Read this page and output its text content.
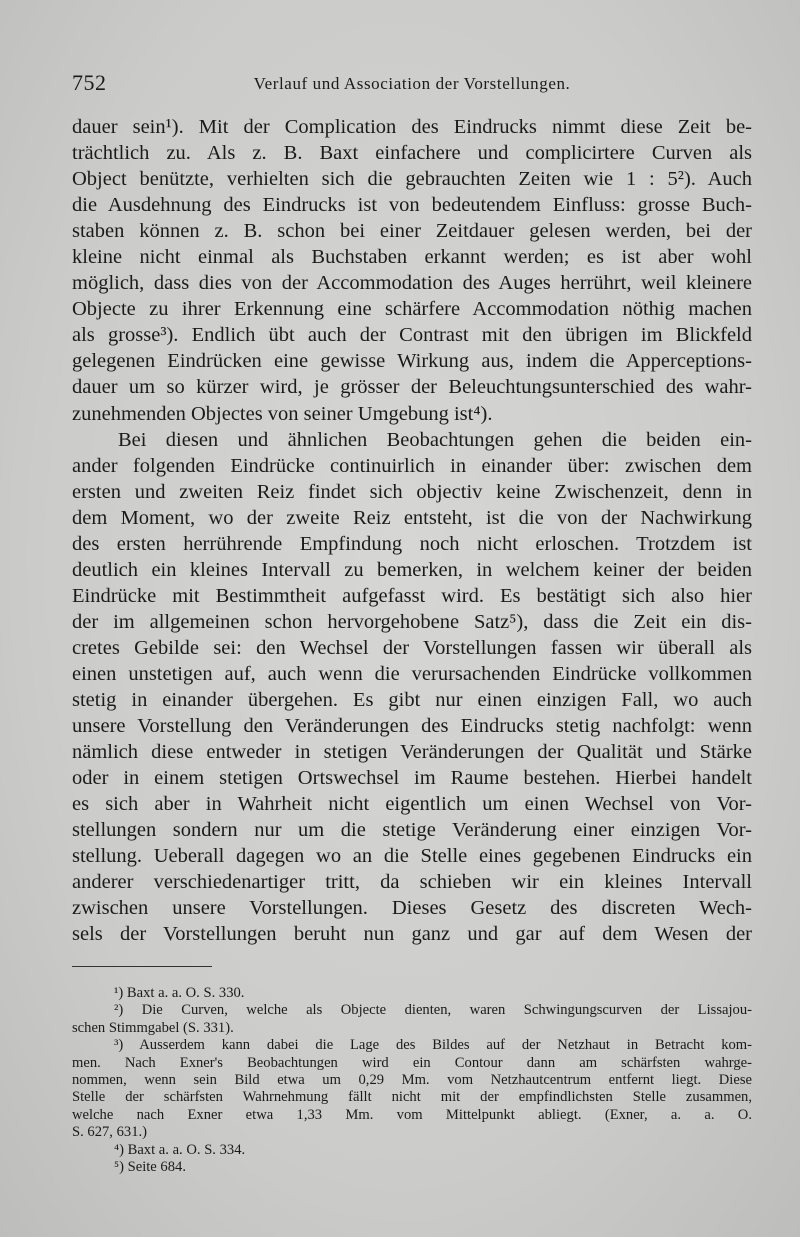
752	Verlauf und Association der Vorstellungen.
dauer sein¹). Mit der Complication des Eindrucks nimmt diese Zeit be-
trächtlich zu. Als z. B. Baxt einfachere und complicirtere Curven als
Object benützte, verhielten sich die gebrauchten Zeiten wie 1 : 5²). Auch
die Ausdehnung des Eindrucks ist von bedeutendem Einfluss: grosse Buch-
staben können z. B. schon bei einer Zeitdauer gelesen werden, bei der
kleine nicht einmal als Buchstaben erkannt werden; es ist aber wohl
möglich, dass dies von der Accommodation des Auges herrührt, weil kleinere
Objecte zu ihrer Erkennung eine schärfere Accommodation nöthig machen
als grosse³). Endlich übt auch der Contrast mit den übrigen im Blickfeld
gelegenen Eindrücken eine gewisse Wirkung aus, indem die Apperceptions-
dauer um so kürzer wird, je grösser der Beleuchtungsunterschied des wahr-
zunehmenden Objectes von seiner Umgebung ist⁴).
Bei diesen und ähnlichen Beobachtungen gehen die beiden ein-
ander folgenden Eindrücke continuirlich in einander über: zwischen dem
ersten und zweiten Reiz findet sich objectiv keine Zwischenzeit, denn in
dem Moment, wo der zweite Reiz entsteht, ist die von der Nachwirkung
des ersten herrührende Empfindung noch nicht erloschen. Trotzdem ist
deutlich ein kleines Intervall zu bemerken, in welchem keiner der beiden
Eindrücke mit Bestimmtheit aufgefasst wird. Es bestätigt sich also hier
der im allgemeinen schon hervorgehobene Satz⁵), dass die Zeit ein dis-
cretes Gebilde sei: den Wechsel der Vorstellungen fassen wir überall als
einen unstetigen auf, auch wenn die verursachenden Eindrücke vollkommen
stetig in einander übergehen. Es gibt nur einen einzigen Fall, wo auch
unsere Vorstellung den Veränderungen des Eindrucks stetig nachfolgt: wenn
nämlich diese entweder in stetigen Veränderungen der Qualität und Stärke
oder in einem stetigen Ortswechsel im Raume bestehen. Hierbei handelt
es sich aber in Wahrheit nicht eigentlich um einen Wechsel von Vor-
stellungen sondern nur um die stetige Veränderung einer einzigen Vor-
stellung. Ueberall dagegen wo an die Stelle eines gegebenen Eindrucks ein
anderer verschiedenartiger tritt, da schieben wir ein kleines Intervall
zwischen unsere Vorstellungen. Dieses Gesetz des discreten Wech-
sels der Vorstellungen beruht nun ganz und gar auf dem Wesen der
¹) Baxt a. a. O. S. 330.
²) Die Curven, welche als Objecte dienten, waren Schwingungscurven der Lissajou-
schen Stimmgabel (S. 331).
³) Ausserdem kann dabei die Lage des Bildes auf der Netzhaut in Betracht kom-
men. Nach Exner's Beobachtungen wird ein Contour dann am schärfsten wahrge-
nommen, wenn sein Bild etwa um 0,29 Mm. vom Netzhautcentrum entfernt liegt. Diese
Stelle der schärfsten Wahrnehmung fällt nicht mit der empfindlichsten Stelle zusammen,
welche nach Exner etwa 1,33 Mm. vom Mittelpunkt abliegt. (Exner, a. a. O.
S. 627, 631.)
⁴) Baxt a. a. O. S. 334.
⁵) Seite 684.
